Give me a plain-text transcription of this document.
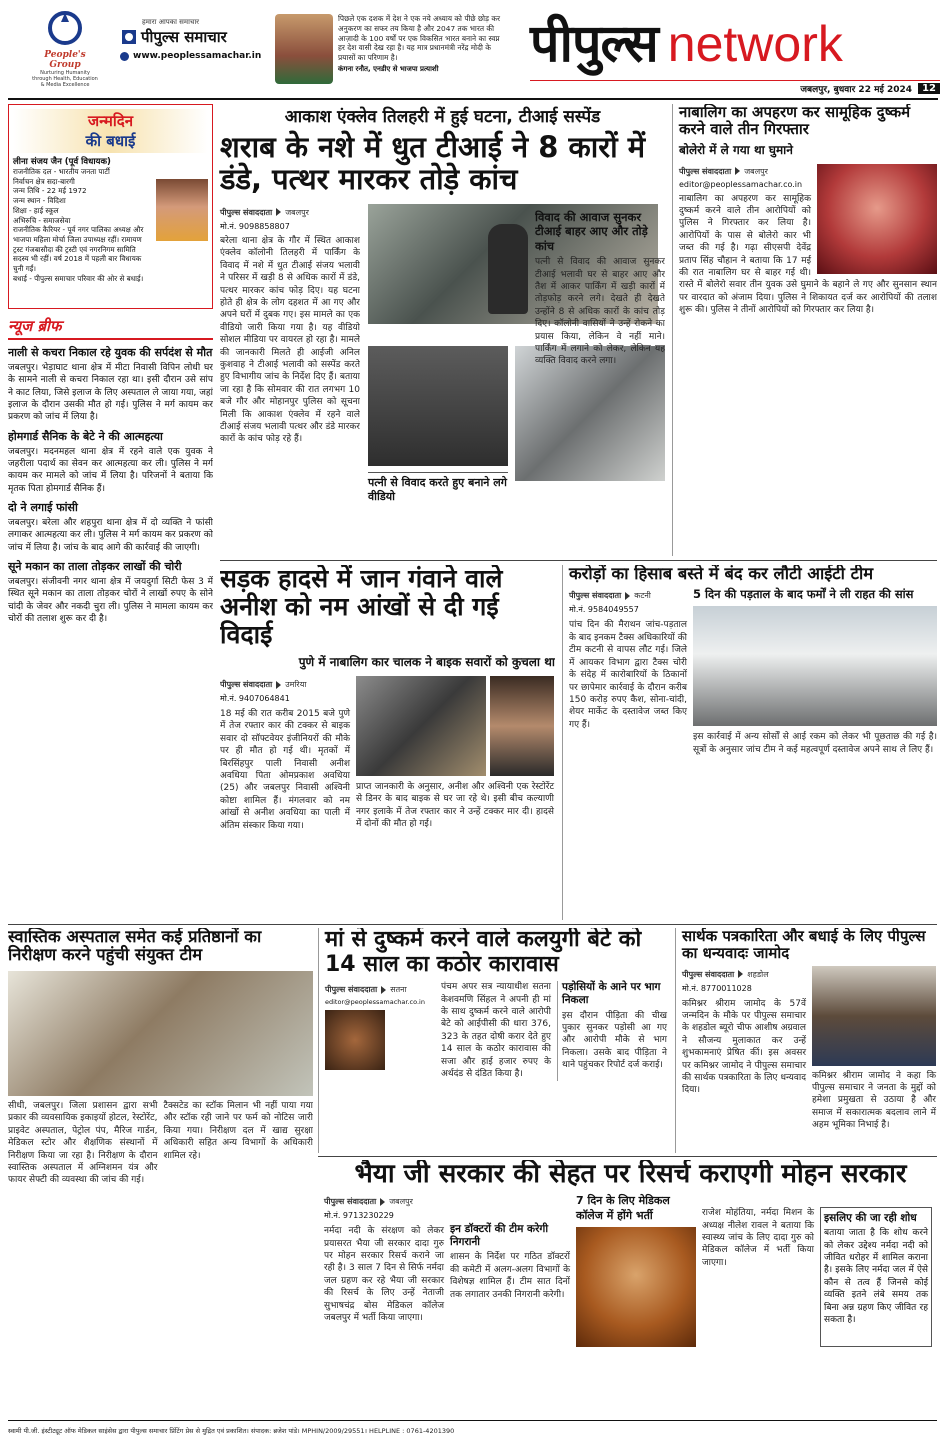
People's Group
Nurturing Humanity through Health, Education & Media Excellence
हमारा आपका समाचार
पीपुल्स समाचार
www.peoplessamachar.in
पिछले एक दशक में देश ने एक नये अध्याय को पीछे छोड़ कर अनुकरण का सफर तय किया है और 2047 तक भारत की आज़ादी के 100 वर्षों पर एक विकसित भारत बनाने का स्वप्न हर देश वासी देख रहा है। यह मात्र प्रधानमंत्री नरेंद्र मोदी के प्रयासों का परिणाम है।
कंगना रनौत, एनडीए से भाजपा प्रत्याशी	पीपुल्स network
जबलपुर, बुधवार 22 मई 2024	12
जन्मदिन
की बधाई
लीना संजय जैन (पूर्व विधायक)
राजनीतिक दल - भारतीय जनता पार्टी
निर्वाचन क्षेत्र सदा-बारगी
जन्म तिथि - 22 मई 1972
जन्म स्थान - विदिशा
शिक्षा - हाई स्कूल
अभिरुचि - समाजसेवा
राजनीतिक कैरियर - पूर्व नगर पालिका अध्यक्ष और भाजपा महिला मोर्चा जिला उपाध्यक्ष रहीं। रामायण ट्रस्ट गंजबासौदा की ट्रस्टी एवं नगरनिगम सामिति सदस्य भी रहीं। वर्ष 2018 में पहली बार विधायक चुनी गईं।
बधाई - पीपुल्स समाचार परिवार की ओर से बधाई।
न्यूज ब्रीफ
नाली से कचरा निकाल रहे युवक की सर्पदंश से मौत
जबलपुर। भेड़ाघाट थाना क्षेत्र में मीटा निवासी विपिन लोधी घर के सामने नाली से कचरा निकाल रहा था। इसी दौरान उसे सांप ने काट लिया, जिसे इलाज के लिए अस्पताल ले जाया गया, जहां इलाज के दौरान उसकी मौत हो गई। पुलिस ने मर्ग कायम कर प्रकरण को जांच में लिया है।
होमगार्ड सैनिक के बेटे ने की आत्महत्या
जबलपुर। मदनमहल थाना क्षेत्र में रहने वाले एक युवक ने जहरीला पदार्थ का सेवन कर आत्महत्या कर ली। पुलिस ने मर्ग कायम कर मामले को जांच में लिया है। परिजनों ने बताया कि मृतक पिता होमगार्ड सैनिक हैं।
दो ने लगाई फांसी
जबलपुर। बरेला और शहपुरा थाना क्षेत्र में दो व्यक्ति ने फांसी लगाकर आत्महत्या कर ली। पुलिस ने मर्ग कायम कर प्रकरण को जांच में लिया है। जांच के बाद आगे की कार्रवाई की जाएगी।
सूने मकान का ताला तोड़कर लाखों की चोरी
जबलपुर। संजीवनी नगर थाना क्षेत्र में जयदुर्गा सिटी फेस 3 में स्थित सूने मकान का ताला तोड़कर चोरों ने लाखों रुपए के सोने चांदी के जेवर और नकदी चुरा ली। पुलिस ने मामला कायम कर चोरों की तलाश शुरू कर दी है।
आकाश एंक्लेव तिलहरी में हुई घटना, टीआई सस्पेंड
शराब के नशे में धुत टीआई ने 8 कारों में डंडे, पत्थर मारकर तोड़े कांच
पीपुल्स संवाददाता जबलपुर
मो.नं. 9098858807

बरेला थाना क्षेत्र के गौर में स्थित आकाश एंक्लेव कॉलोनी तिलहरी में पार्किंग के विवाद में नशे में धुत टीआई संजय भलावी ने परिसर में खड़ी 8 से अधिक कारों में डंडे, पत्थर मारकर कांच फोड़ दिए। यह घटना होते ही क्षेत्र के लोग दहशत में आ गए और अपने घरों में दुबक गए। इस मामले का एक वीडियो जारी किया गया है। यह वीडियो सोशल मीडिया पर वायरल हो रहा है। मामले की जानकारी मिलते ही आईजी अनिल कुशवाह ने टीआई भलावी को सस्पेंड करते हुए विभागीय जांच के निर्देश दिए हैं। बताया जा रहा है कि सोमवार की रात लगभग 10 बजे गौर और मोहानपुर पुलिस को सूचना मिली कि आकाश एंक्लेव में रहने वाले टीआई संजय भलावी पत्थर और डंडे मारकर कारों के कांच फोड़ रहे हैं।

पत्नी से विवाद करते हुए बनाने लगे वीडियो
विवाद की आवाज सुनकर टीआई बाहर आए और तोड़े कांच

पत्नी से विवाद की आवाज सुनकर टीआई भलावी घर से बाहर आए और तैश में आकर पार्किंग में खड़ी कारों में तोड़फोड़ करने लगे। देखते ही देखते उन्होंने 8 से अधिक कारों के कांच तोड़ दिए। कॉलोनी वासियों ने उन्हें रोकने का प्रयास किया, लेकिन वे नहीं माने। पार्किंग में लगाने को लेकर, लेकिन यह व्यक्ति विवाद करने लगा।

नाबालिग का अपहरण कर सामूहिक दुष्कर्म करने वाले तीन गिरफ्तार
बोलेरो में ले गया था घुमाने
पीपुल्स संवाददाता जबलपुर
editor@peoplessamachar.co.in

नाबालिग का अपहरण कर सामूहिक दुष्कर्म करने वाले तीन आरोपियों को पुलिस ने गिरफ्तार कर लिया है। आरोपियों के पास से बोलेरो कार भी जब्त की गई है। गढ़ा सीएसपी देवेंद्र प्रताप सिंह चौहान ने बताया कि 17 मई की रात नाबालिग घर से बाहर गई थी। रास्ते में बोलेरो सवार तीन युवक उसे घुमाने के बहाने ले गए और सुनसान स्थान पर वारदात को अंजाम दिया। पुलिस ने शिकायत दर्ज कर आरोपियों की तलाश शुरू की। पुलिस ने तीनों आरोपियों को गिरफ्तार कर लिया है।

सड़क हादसे में जान गंवाने वाले अनीश को नम आंखों से दी गई विदाई
पुणे में नाबालिग कार चालक ने बाइक सवारों को कुचला था
पीपुल्स संवाददाता उमरिया
मो.नं. 9407064841

18 मई की रात करीब 2015 बजे पुणे में तेज रफ्तार कार की टक्कर से बाइक सवार दो सॉफ्टवेयर इंजीनियरों की मौके पर ही मौत हो गई थी। मृतकों में बिरसिंहपुर पाली निवासी अनीश अवधिया पिता ओमप्रकाश अवधिया (25) और जबलपुर निवासी अश्विनी कोष्टा शामिल हैं। मंगलवार को नम आंखों से अनीश अवधिया का पाली में अंतिम संस्कार किया गया।

प्राप्त जानकारी के अनुसार, अनीश और अश्विनी एक रेस्टोरेंट से डिनर के बाद बाइक से घर जा रहे थे। इसी बीच कल्याणी नगर इलाके में तेज रफ्तार कार ने उन्हें टक्कर मार दी। हादसे में दोनों की मौत हो गई।

करोड़ों का हिसाब बस्ते में बंद कर लौटी आईटी टीम
पीपुल्स संवाददाता कटनी
मो.नं. 9584049557

पांच दिन की मैराथन जांच-पड़ताल के बाद इनकम टैक्स अधिकारियों की टीम कटनी से वापस लौट गई। जिले में आयकर विभाग द्वारा टैक्स चोरी के संदेह में कारोबारियों के ठिकानों पर छापेमार कार्रवाई के दौरान करीब 150 करोड़ रुपए कैश, सोना-चांदी, शेयर मार्केट के दस्तावेज जब्त किए गए हैं।

5 दिन की पड़ताल के बाद फर्मों ने ली राहत की सांस

इस कार्रवाई में अन्य सोर्सों से आई रकम को लेकर भी पूछताछ की गई है। सूत्रों के अनुसार जांच टीम ने कई महत्वपूर्ण दस्तावेज अपने साथ ले लिए हैं।

स्वास्तिक अस्पताल समेत कई प्रतिष्ठानों का निरीक्षण करने पहुंची संयुक्त टीम

सीधी, जबलपुर। जिला प्रशासन द्वारा सभी प्रकार की व्यवसायिक इकाइयों होटल, रेस्टोरेंट, प्राइवेट अस्पताल, पेट्रोल पंप, मैरिज गार्डन, मेडिकल स्टोर और शैक्षणिक संस्थानों में निरीक्षण किया जा रहा है। निरीक्षण के दौरान स्वास्तिक अस्पताल में अग्निशमन यंत्र और फायर सेफ्टी की व्यवस्था की जांच की गई।

टैक्सटेड का स्टॉक मिलान भी नहीं पाया गया और स्टॉक रही जाने पर फर्म को नोटिस जारी किया गया। निरीक्षण दल में खाद्य सुरक्षा अधिकारी सहित अन्य विभागों के अधिकारी शामिल रहे।

मां से दुष्कर्म करने वाले कलयुगी बेटे को 14 साल का कठोर कारावास
पीपुल्स संवाददाता सतना
editor@peoplessamachar.co.in

पंचम अपर सत्र न्यायाधीश सतना केशवमणि सिंहल ने अपनी ही मां के साथ दुष्कर्म करने वाले आरोपी बेटे को आईपीसी की धारा 376, 323 के तहत दोषी करार देते हुए 14 साल के कठोर कारावास की सजा और हाई हजार रुपए के अर्थदंड से दंडित किया है।

पड़ोसियों के आने पर भाग निकला

इस दौरान पीड़िता की चीख पुकार सुनकर पड़ोसी आ गए और आरोपी मौके से भाग निकला। उसके बाद पीड़िता ने थाने पहुंचकर रिपोर्ट दर्ज कराई।

सार्थक पत्रकारिता और बधाई के लिए पीपुल्स का धन्यवादः जामोद
पीपुल्स संवाददाता शहडोल
मो.नं. 8770011028

कमिश्नर श्रीराम जामोद के 57वें जन्मदिन के मौके पर पीपुल्स समाचार के शहडोल ब्यूरो चीफ आशीष अग्रवाल ने सौजन्य मुलाकात कर उन्हें शुभकामनाएं प्रेषित कीं। इस अवसर पर कमिश्नर जामोद ने पीपुल्स समाचार की सार्थक पत्रकारिता के लिए धन्यवाद दिया।

कमिश्नर श्रीराम जामोद ने कहा कि पीपुल्स समाचार ने जनता के मुद्दों को हमेशा प्रमुखता से उठाया है और समाज में सकारात्मक बदलाव लाने में अहम भूमिका निभाई है।

भैया जी सरकार की सेहत पर रिसर्च कराएगी मोहन सरकार
पीपुल्स संवाददाता जबलपुर
मो.नं. 9713230229

नर्मदा नदी के संरक्षण को लेकर प्रयासरत भैया जी सरकार दादा गुरु पर मोहन सरकार रिसर्च कराने जा रही है। 3 साल 7 दिन से सिर्फ नर्मदा जल ग्रहण कर रहे भैया जी सरकार की रिसर्च के लिए उन्हें नेताजी सुभाषचंद्र बोस मेडिकल कॉलेज जबलपुर में भर्ती किया जाएगा।

इन डॉक्टरों की टीम करेगी निगरानी

शासन के निर्देश पर गठित डॉक्टरों की कमेटी में अलग-अलग विभागों के विशेषज्ञ शामिल हैं। टीम सात दिनों तक लगातार उनकी निगरानी करेगी।

7 दिन के लिए मेडिकल कॉलेज में होंगे भर्ती	राजेश मोहंतिया, नर्मदा मिशन के अध्यक्ष नीलेश रावल ने बताया कि स्वास्थ्य जांच के लिए दादा गुरु को मेडिकल कॉलेज में भर्ती किया जाएगा।

इसलिए की जा रही शोध
बताया जाता है कि शोध करने को लेकर उद्देश्य नर्मदा नदी को जीवित धरोहर में शामिल कराना है। इसके लिए नर्मदा जल में ऐसे कौन से तत्व हैं जिनसे कोई व्यक्ति इतने लंबे समय तक बिना अन्न ग्रहण किए जीवित रह सकता है।
स्वामी पी.जी. इंस्टीट्यूट ऑफ मेडिकल साइंसेस द्वारा पीपुल्स समाचार प्रिंटिंग प्रेस से मुद्रित एवं प्रकाशित। संपादक: ब्रजेश पांडे। MPHIN/2009/29551। HELPLINE : 0761-4201390
